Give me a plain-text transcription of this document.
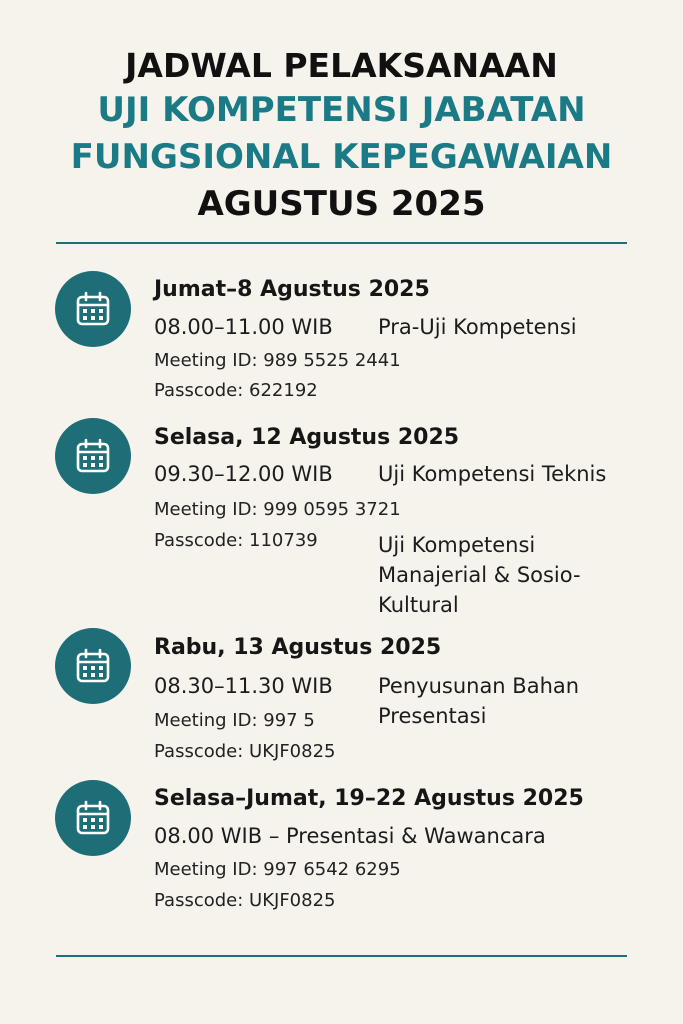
JADWAL PELAKSANAAN
UJI KOMPETENSI JABATAN
FUNGSIONAL KEPEGAWAIAN
AGUSTUS 2025
Jumat–8 Agustus 2025
08.00–11.00 WIB Pra-Uji Kompetensi
Meeting ID: 989 5525 2441
Passcode: 622192
Selasa, 12 Agustus 2025
09.30–12.00 WIB Uji Kompetensi Teknis
Meeting ID: 999 0595 3721
Passcode: 110739	Uji Kompetensi
Manajerial & Sosio-
Kultural
Rabu, 13 Agustus 2025
08.30–11.30 WIB Penyusunan Bahan
Presentasi
Meeting ID: 997 5
Passcode: UKJF0825
Selasa–Jumat, 19–22 Agustus 2025
08.00 WIB – Presentasi & Wawancara
Meeting ID: 997 6542 6295
Passcode: UKJF0825
